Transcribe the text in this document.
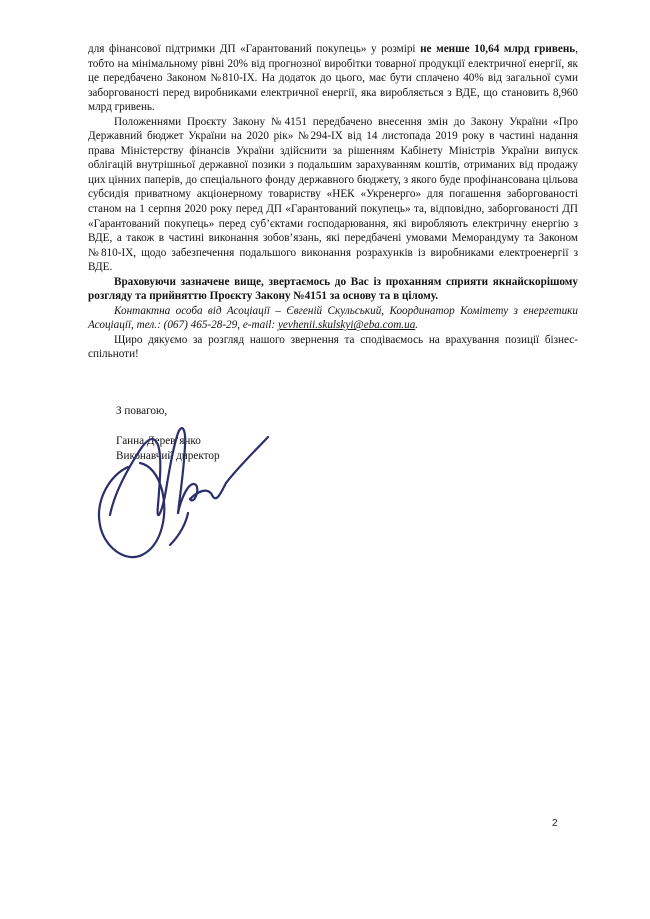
для фінансової підтримки ДП «Гарантований покупець» у розмірі не менше 10,64 млрд гривень, тобто на мінімальному рівні 20% від прогнозної виробітки товарної продукції електричної енергії, як це передбачено Законом №810-IX. На додаток до цього, має бути сплачено 40% від загальної суми заборгованості перед виробниками електричної енергії, яка виробляється з ВДЕ, що становить 8,960 млрд гривень.

Положеннями Проєкту Закону №4151 передбачено внесення змін до Закону України «Про Державний бюджет України на 2020 рік» №294-IX від 14 листопада 2019 року в частині надання права Міністерству фінансів України здійснити за рішенням Кабінету Міністрів України випуск облігацій внутрішньої державної позики з подальшим зарахуванням коштів, отриманих від продажу цих цінних паперів, до спеціального фонду державного бюджету, з якого буде профінансована цільова субсидія приватному акціонерному товариству «НЕК «Укренерго» для погашення заборгованості станом на 1 серпня 2020 року перед ДП «Гарантований покупець» та, відповідно, заборгованості ДП «Гарантований покупець» перед суб’єктами господарювання, які виробляють електричну енергію з ВДЕ, а також в частині виконання зобов’язань, які передбачені умовами Меморандуму та Законом №810-IX, щодо забезпечення подальшого виконання розрахунків із виробниками електроенергії з ВДЕ.

Враховуючи зазначене вище, звертаємось до Вас із проханням сприяти якнайскорішому розгляду та прийняттю Проєкту Закону №4151 за основу та в цілому.

Контактна особа від Асоціації – Євгеній Скульський, Координатор Комітету з енергетики Асоціації, тел.: (067) 465-28-29, e-mail: yevhenii.skulskyi@eba.com.ua.

Щиро дякуємо за розгляд нашого звернення та сподіваємось на врахування позиції бізнес-спільноти!

З повагою,
Ганна Дерев’янко
Виконавчий директор
2
